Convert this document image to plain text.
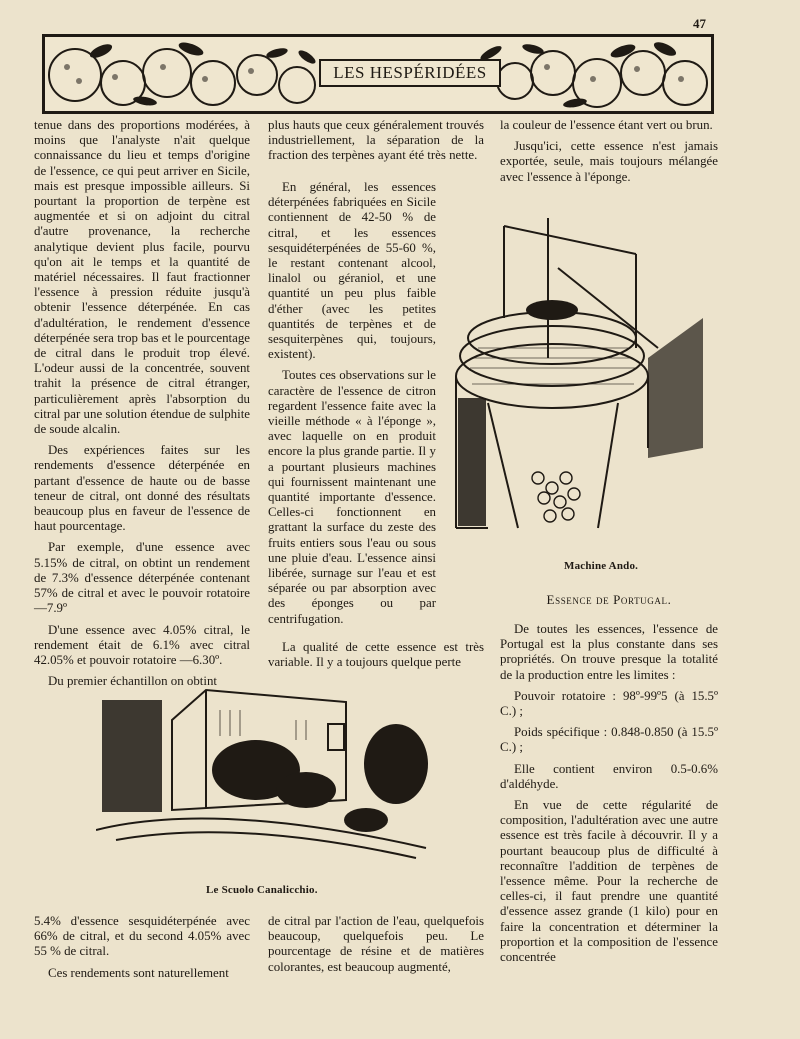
47
LES HESPÉRIDÉES

tenue dans des proportions modérées, à moins que l'analyste n'ait quelque connaissance du lieu et temps d'origine de l'essence, ce qui peut arriver en Sicile, mais est presque impossible ailleurs. Si pourtant la proportion de terpène est augmentée et si on adjoint du citral d'autre provenance, la recherche analytique devient plus facile, pourvu qu'on ait le temps et la quantité de matériel nécessaires. Il faut fractionner l'essence à pression réduite jusqu'à obtenir l'essence déterpénée. En cas d'adultération, le rendement d'essence déterpénée sera trop bas et le pourcentage de citral dans le produit trop élevé. L'odeur aussi de la concentrée, souvent trahit la présence de citral étranger, particulièrement après l'absorption du citral par une solution étendue de sulphite de soude alcalin.

Des expériences faites sur les rendements d'essence déterpénée en partant d'essence de haute ou de basse teneur de citral, ont donné des résultats beaucoup plus en faveur de l'essence de haut pourcentage.

Par exemple, d'une essence avec 5.15% de citral, on obtint un rendement de 7.3% d'essence déterpénée contenant 57% de citral et avec le pouvoir rotatoire —7.9º

D'une essence avec 4.05% citral, le rendement était de 6.1% avec citral 42.05% et pouvoir rotatoire —6.30º.

Du premier échantillon on obtint

plus hauts que ceux généralement trouvés industriellement, la séparation de la fraction des terpènes ayant été très nette.

En général, les essences déterpénées fabriquées en Sicile contiennent de 42-50 % de citral, et les essences sesquidéterpénées de 55-60 %, le restant contenant alcool, linalol ou géraniol, et une quantité un peu plus faible d'éther (avec les petites quantités de terpènes et de sesquiterpènes qui, toujours, existent).

Toutes ces observations sur le caractère de l'essence de citron regardent l'essence faite avec la vieille méthode « à l'éponge », avec laquelle on en produit encore la plus grande partie. Il y a pourtant plusieurs machines qui fournissent maintenant une quantité importante d'essence. Celles-ci fonctionnent en grattant la surface du zeste des fruits entiers sous l'eau ou sous une pluie d'eau. L'essence ainsi libérée, surnage sur l'eau et est séparée ou par absorption avec des éponges ou par centrifugation.

La qualité de cette essence est très variable. Il y a toujours quelque perte

la couleur de l'essence étant vert ou brun.

Jusqu'ici, cette essence n'est jamais exportée, seule, mais toujours mélangée avec l'essence à l'éponge.

Machine Ando.
Essence de Portugal.

De toutes les essences, l'essence de Portugal est la plus constante dans ses propriétés. On trouve presque la totalité de la production entre les limites :

Pouvoir rotatoire : 98º-99º5 (à 15.5º C.) ;

Poids spécifique : 0.848-0.850 (à 15.5º C.) ;

Elle contient environ 0.5-0.6% d'aldéhyde.

En vue de cette régularité de composition, l'adultération avec une autre essence est très facile à découvrir. Il y a pourtant beaucoup plus de difficulté à reconnaître l'addition de terpènes de l'essence même. Pour la recherche de celles-ci, il faut prendre une quantité d'essence assez grande (1 kilo) pour en faire la concentration et déterminer la proportion et la composition de l'essence concentrée

Le Scuolo Canalicchio.

5.4% d'essence sesquidéterpénée avec 66% de citral, et du second 4.05% avec 55 % de citral.

Ces rendements sont naturellement

de citral par l'action de l'eau, quelquefois beaucoup, quelquefois peu. Le pourcentage de résine et de matières colorantes, est beaucoup augmenté,
